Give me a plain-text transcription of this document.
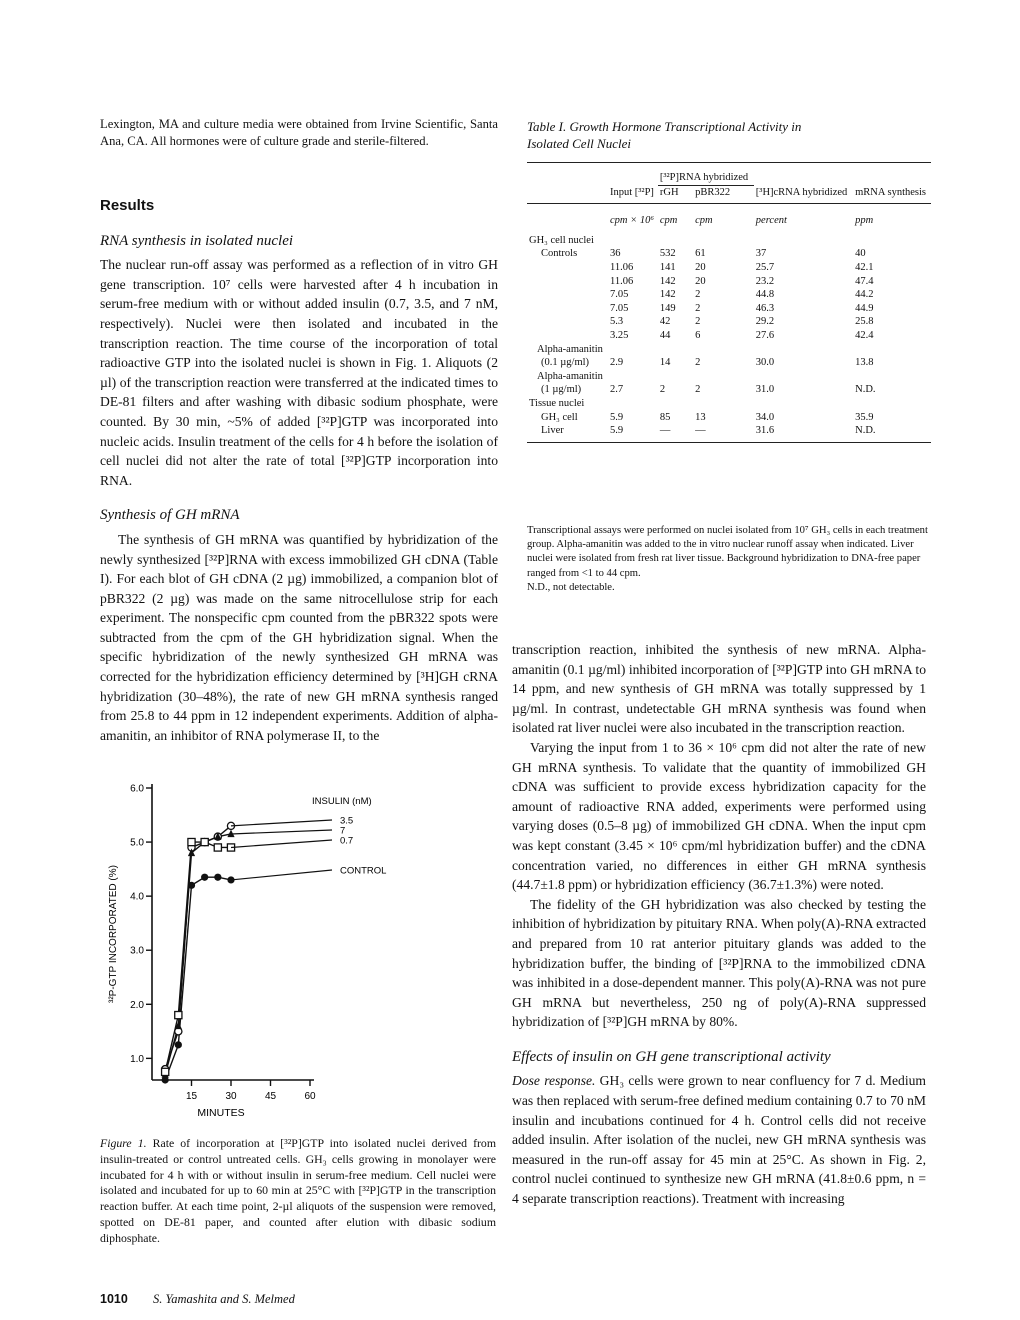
Lexington, MA and culture media were obtained from Irvine Scientific, Santa Ana, CA. All hormones were of culture grade and sterile-filtered.

Results
RNA synthesis in isolated nuclei

The nuclear run-off assay was performed as a reflection of in vitro GH gene transcription. 10⁷ cells were harvested after 4 h incubation in serum-free medium with or without added insulin (0.7, 3.5, and 7 nM, respectively). Nuclei were then isolated and incubated in the transcription reaction. The time course of the incorporation of total radioactive GTP into the isolated nuclei is shown in Fig. 1. Aliquots (2 µl) of the transcription reaction were transferred at the indicated times to DE-81 filters and after washing with dibasic sodium phosphate, were counted. By 30 min, ~5% of added [³²P]GTP was incorporated into nucleic acids. Insulin treatment of the cells for 4 h before the isolation of cell nuclei did not alter the rate of total [³²P]GTP incorporation into RNA.

Synthesis of GH mRNA

The synthesis of GH mRNA was quantified by hybridization of the newly synthesized [³²P]RNA with excess immobilized GH cDNA (Table I). For each blot of GH cDNA (2 µg) immobilized, a companion blot of pBR322 (2 µg) was made on the same nitrocellulose strip for each experiment. The nonspecific cpm counted from the pBR322 spots were subtracted from the cpm of the GH hybridization signal. When the specific hybridization of the newly synthesized GH mRNA was corrected for the hybridization efficiency determined by [³H]GH cRNA hybridization (30–48%), the rate of new GH mRNA synthesis ranged from 25.8 to 44 ppm in 12 independent experiments. Addition of alpha-amanitin, an inhibitor of RNA polymerase II, to the

1.0
2.0
3.0
4.0
5.0
6.0
15	30	45	60
MINUTES
³²P-GTP INCORPORATED (%)
INSULIN (nM)
3.5
7
0.7
CONTROL
Figure 1. Rate of incorporation at [³²P]GTP into isolated nuclei derived from insulin-treated or control untreated cells. GH₃ cells growing in monolayer were incubated for 4 h with or without insulin in serum-free medium. Cell nuclei were isolated and incubated for up to 60 min at 25°C with [³²P]GTP in the transcription reaction buffer. At each time point, 2-µl aliquots of the suspension were removed, spotted on DE-81 paper, and counted after elution with dibasic sodium diphosphate.
Table I. Growth Hormone Transcriptional Activity in Isolated Cell Nuclei
		[³²P]RNA hybridized			
	Input [³²P]	rGH	pBR322	[³H]cRNA hybridized	mRNA synthesis
	cpm × 10⁶	cpm	cpm	percent	ppm
GH₃ cell nuclei					
Controls	36	532	61	37	40
	11.06	141	20	25.7	42.1
	11.06	142	20	23.2	47.4
	7.05	142	2	44.8	44.2
	7.05	149	2	46.3	44.9
	5.3	42	2	29.2	25.8
	3.25	44	6	27.6	42.4
Alpha-amanitin					
(0.1 µg/ml)	2.9	14	2	30.0	13.8
Alpha-amanitin					
(1 µg/ml)	2.7	2	2	31.0	N.D.
Tissue nuclei					
GH₃ cell	5.9	85	13	34.0	35.9
Liver	5.9	—	—	31.6	N.D.
Transcriptional assays were performed on nuclei isolated from 10⁷ GH₃ cells in each treatment group. Alpha-amanitin was added to the in vitro nuclear runoff assay when indicated. Liver nuclei were isolated from fresh rat liver tissue. Background hybridization to DNA-free paper ranged from <1 to 44 cpm.
N.D., not detectable.

transcription reaction, inhibited the synthesis of new mRNA. Alpha-amanitin (0.1 µg/ml) inhibited incorporation of [³²P]GTP into GH mRNA to 14 ppm, and new synthesis of GH mRNA was totally suppressed by 1 µg/ml. In contrast, undetectable GH mRNA synthesis was found when isolated rat liver nuclei were also incubated in the transcription reaction.

Varying the input from 1 to 36 × 10⁶ cpm did not alter the rate of new GH mRNA synthesis. To validate that the quantity of immobilized GH cDNA was sufficient to provide excess hybridization capacity for the amount of radioactive RNA added, experiments were performed using varying doses (0.5–8 µg) of immobilized GH cDNA. When the input cpm was kept constant (3.45 × 10⁶ cpm/ml hybridization buffer) and the cDNA concentration varied, no differences in either GH mRNA synthesis (44.7±1.8 ppm) or hybridization efficiency (36.7±1.3%) were noted.

The fidelity of the GH hybridization was also checked by testing the inhibition of hybridization by pituitary RNA. When poly(A)-RNA extracted and prepared from 10 rat anterior pituitary glands was added to the hybridization buffer, the binding of [³²P]RNA to the immobilized cDNA was inhibited in a dose-dependent manner. This poly(A)-RNA was not pure GH mRNA but nevertheless, 250 ng of poly(A)-RNA suppressed hybridization of [³²P]GH mRNA by 80%.

Effects of insulin on GH gene transcriptional activity

Dose response. GH₃ cells were grown to near confluency for 7 d. Medium was then replaced with serum-free defined medium containing 0.7 to 70 nM insulin and incubations continued for 4 h. Control cells did not receive added insulin. After isolation of the nuclei, new GH mRNA synthesis was measured in the run-off assay for 45 min at 25°C. As shown in Fig. 2, control nuclei continued to synthesize new GH mRNA (41.8±0.6 ppm, n = 4 separate transcription reactions). Treatment with increasing

1010 S. Yamashita and S. Melmed
